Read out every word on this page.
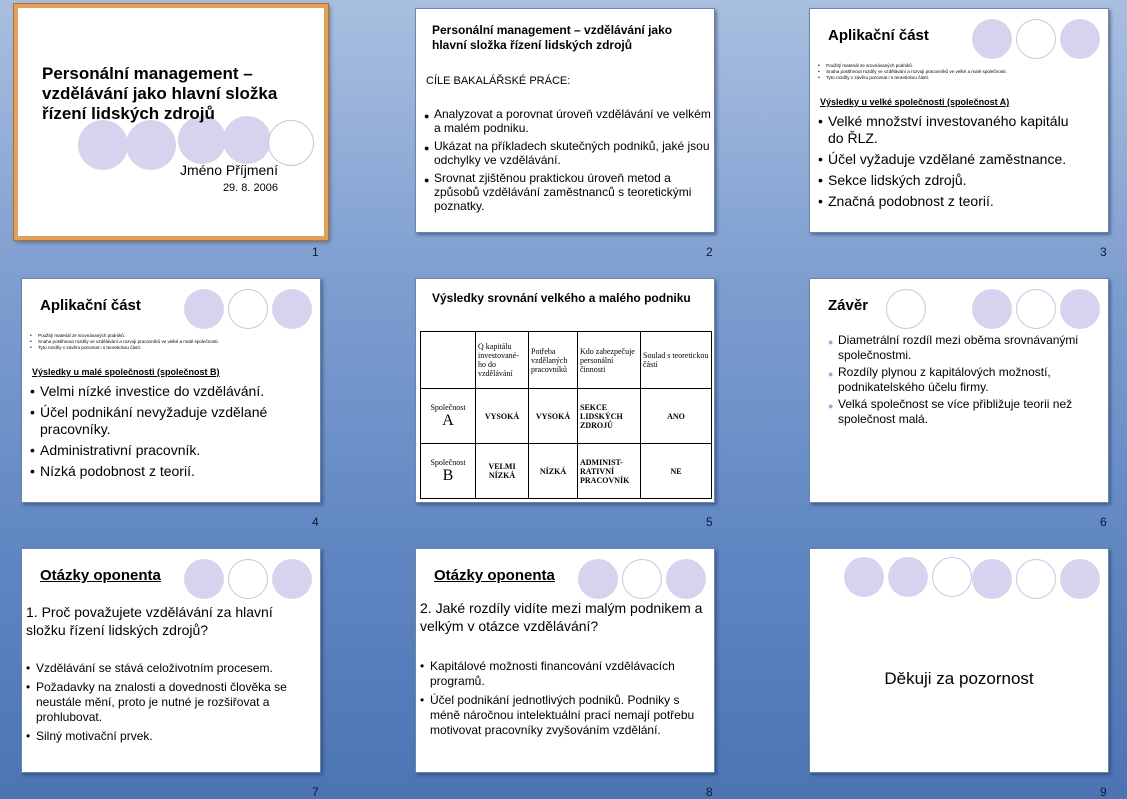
Personální management – vzdělávání jako hlavní složka řízení lidských zdrojů
Jméno Příjmení
29. 8. 2006
1
Personální management – vzdělávání jako hlavní složka řízení lidských zdrojů
CÍLE BAKALÁŘSKÉ PRÁCE:
● Analyzovat a porovnat úroveň vzdělávání ve velkém a malém podniku.
● Ukázat na příkladech skutečných podniků, jaké jsou odchylky ve vzdělávání.
● Srovnat zjištěnou praktickou úroveň metod a způsobů vzdělávání zaměstnanců s teoretickými poznatky.
2
Aplikační část
• Použitý materiál ze srovnávaných podniků.
• Snaha postihnout rozdíly ve vzdělávání a rozvoji pracovníků ve velké a malé společnosti.
• Tyto rozdíly v závěru porovnat i s teoretickou částí.
Výsledky u velké společnosti (společnost A)
• Velké množství investovaného kapitálu do ŘLZ.
• Účel vyžaduje vzdělané zaměstnance.
• Sekce lidských zdrojů.
• Značná podobnost z teorií.
3
Aplikační část
• Použitý materiál ze srovnávaných podniků.
• Snaha postihnout rozdíly ve vzdělávání a rozvoji pracovníků ve velké a malé společnosti.
• Tyto rozdíly v závěru porovnat i s teoretickou částí.
Výsledky u malé společnosti (společnost B)
• Velmi nízké investice do vzdělávání.
• Účel podnikání nevyžaduje vzdělané pracovníky.
• Administrativní pracovník.
• Nízká podobnost z teorií.
4
Výsledky srovnání velkého a malého podniku
	Q kapitálu investované-ho do vzdělávání	Potřeba vzdělaných pracovníků	Kdo zabezpečuje personální činnosti	Soulad s teoretickou částí

Společnost
A	VYSOKÁ	VYSOKÁ	SEKCE LIDSKÝCH ZDROJŮ	ANO

Společnost
B	VELMI NÍZKÁ	NÍZKÁ	ADMINIST-RATIVNÍ PRACOVNÍK	NE
5
Závěr
● Diametrální rozdíl mezi oběma srovnávanými společnostmi.
● Rozdíly plynou z kapitálových možností, podnikatelského účelu firmy.
● Velká společnost se více přibližuje teorii než společnost malá.
6
Otázky oponenta
1. Proč považujete vzdělávání za hlavní složku řízení lidských zdrojů?
• Vzdělávání se stává celoživotním procesem.
• Požadavky na znalosti a dovednosti člověka se neustále mění, proto je nutné je rozšiřovat a prohlubovat.
• Silný motivační prvek.
7
Otázky oponenta
2. Jaké rozdíly vidíte mezi malým podnikem a velkým v otázce vzdělávání?
• Kapitálové možnosti financování vzdělávacích programů.
• Účel podnikání jednotlivých podniků. Podniky s méně náročnou intelektuální prací nemají potřebu motivovat pracovníky zvyšováním vzdělání.
8
Děkuji za pozornost
9
